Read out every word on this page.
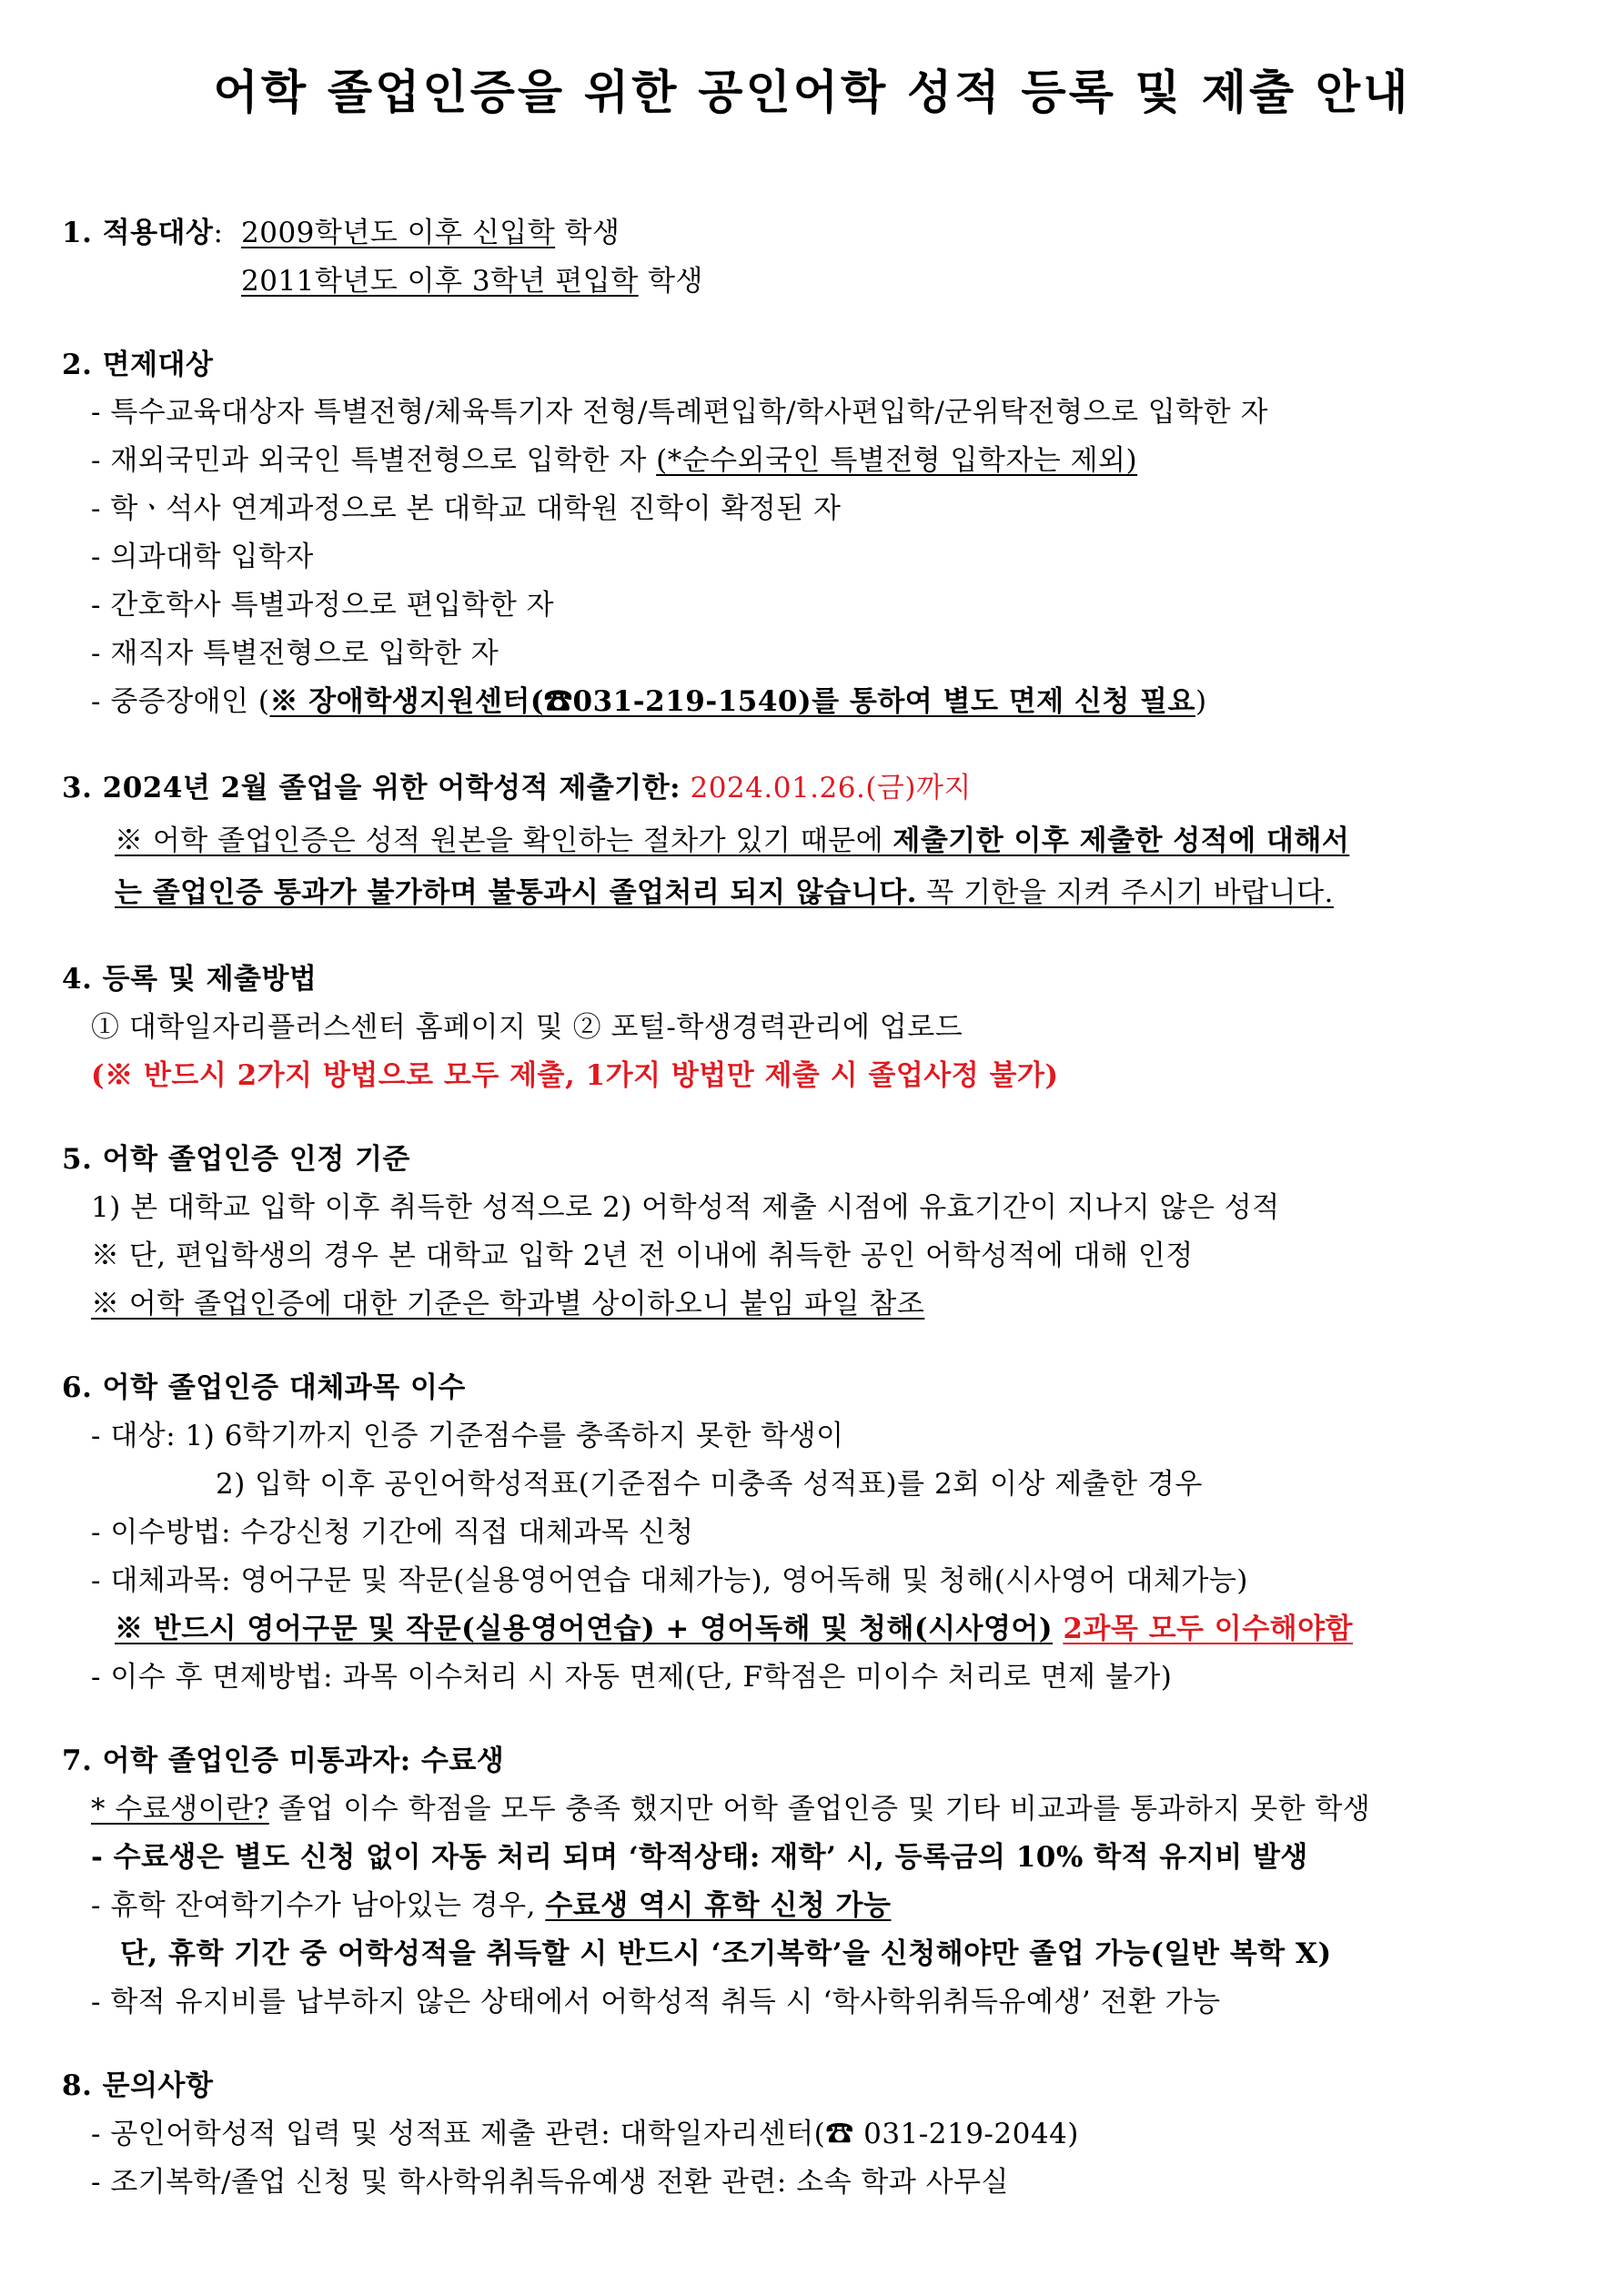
어학 졸업인증을 위한 공인어학 성적 등록 및 제출 안내
1. 적용대상: 2009학년도 이후 신입학 학생
2011학년도 이후 3학년 편입학 학생
2. 면제대상
- 특수교육대상자 특별전형/체육특기자 전형/특례편입학/학사편입학/군위탁전형으로 입학한 자
- 재외국민과 외국인 특별전형으로 입학한 자 (*순수외국인 특별전형 입학자는 제외)
- 학ㆍ석사 연계과정으로 본 대학교 대학원 진학이 확정된 자
- 의과대학 입학자
- 간호학사 특별과정으로 편입학한 자
- 재직자 특별전형으로 입학한 자
- 중증장애인 (※ 장애학생지원센터(☎031-219-1540)를 통하여 별도 면제 신청 필요)
3. 2024년 2월 졸업을 위한 어학성적 제출기한: 2024.01.26.(금)까지
※ 어학 졸업인증은 성적 원본을 확인하는 절차가 있기 때문에 제출기한 이후 제출한 성적에 대해서
는 졸업인증 통과가 불가하며 불통과시 졸업처리 되지 않습니다. 꼭 기한을 지켜 주시기 바랍니다.
4. 등록 및 제출방법
① 대학일자리플러스센터 홈페이지 및 ② 포털-학생경력관리에 업로드
(※ 반드시 2가지 방법으로 모두 제출, 1가지 방법만 제출 시 졸업사정 불가)
5. 어학 졸업인증 인정 기준
1) 본 대학교 입학 이후 취득한 성적으로 2) 어학성적 제출 시점에 유효기간이 지나지 않은 성적
※ 단, 편입학생의 경우 본 대학교 입학 2년 전 이내에 취득한 공인 어학성적에 대해 인정
※ 어학 졸업인증에 대한 기준은 학과별 상이하오니 붙임 파일 참조
6. 어학 졸업인증 대체과목 이수
- 대상: 1) 6학기까지 인증 기준점수를 충족하지 못한 학생이
2) 입학 이후 공인어학성적표(기준점수 미충족 성적표)를 2회 이상 제출한 경우
- 이수방법: 수강신청 기간에 직접 대체과목 신청
- 대체과목: 영어구문 및 작문(실용영어연습 대체가능), 영어독해 및 청해(시사영어 대체가능)
※ 반드시 영어구문 및 작문(실용영어연습) + 영어독해 및 청해(시사영어) 2과목 모두 이수해야함
- 이수 후 면제방법: 과목 이수처리 시 자동 면제(단, F학점은 미이수 처리로 면제 불가)
7. 어학 졸업인증 미통과자: 수료생
* 수료생이란? 졸업 이수 학점을 모두 충족 했지만 어학 졸업인증 및 기타 비교과를 통과하지 못한 학생
- 수료생은 별도 신청 없이 자동 처리 되며 ‘학적상태: 재학’ 시, 등록금의 10% 학적 유지비 발생
- 휴학 잔여학기수가 남아있는 경우, 수료생 역시 휴학 신청 가능
단, 휴학 기간 중 어학성적을 취득할 시 반드시 ‘조기복학’을 신청해야만 졸업 가능(일반 복학 X)
- 학적 유지비를 납부하지 않은 상태에서 어학성적 취득 시 ‘학사학위취득유예생’ 전환 가능
8. 문의사항
- 공인어학성적 입력 및 성적표 제출 관련: 대학일자리센터(☎ 031-219-2044)
- 조기복학/졸업 신청 및 학사학위취득유예생 전환 관련: 소속 학과 사무실
